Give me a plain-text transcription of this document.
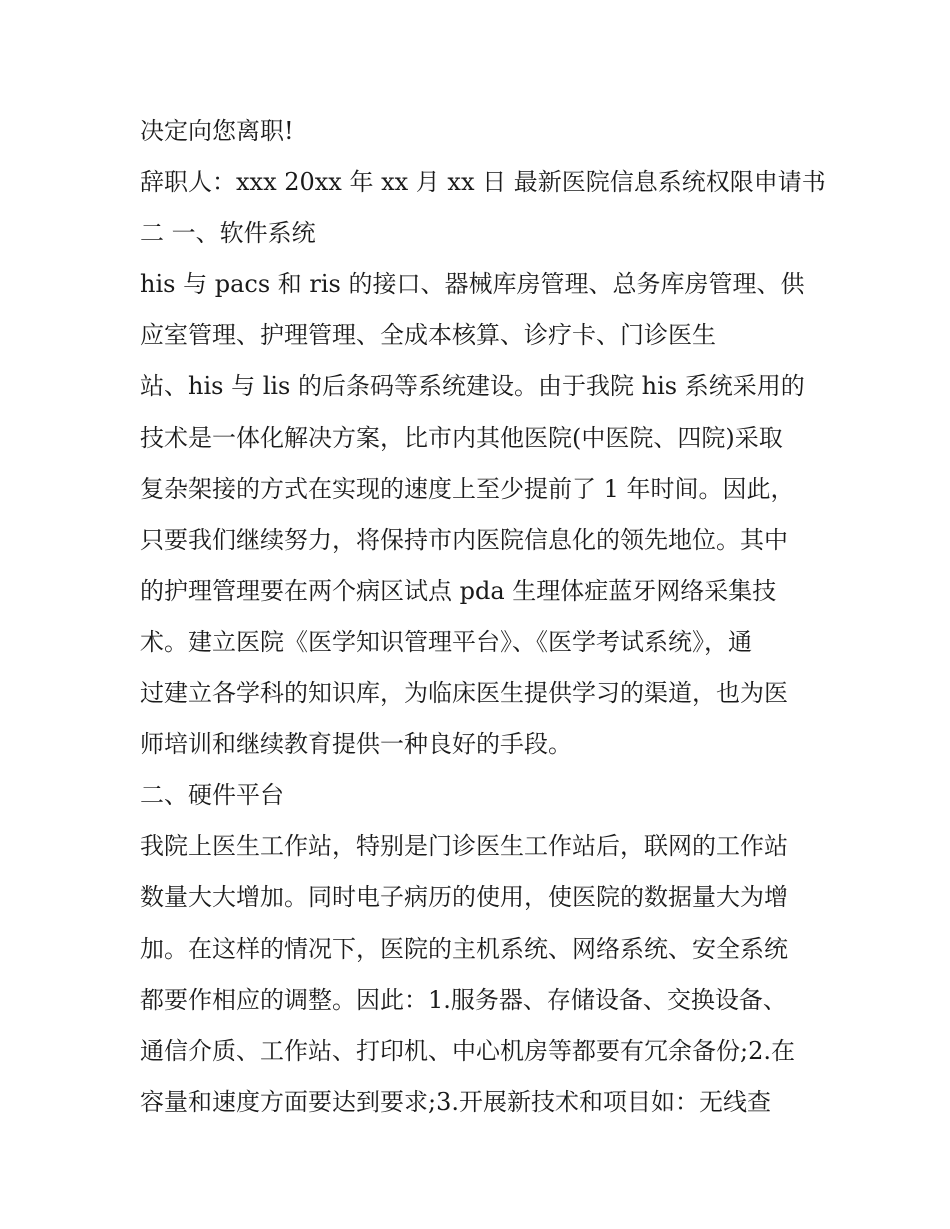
决定向您离职!
辞职人：xxx 20xx 年 xx 月 xx 日 最新医院信息系统权限申请书
二 一、软件系统
his 与 pacs 和 ris 的接口、器械库房管理、总务库房管理、供
应室管理、护理管理、全成本核算、诊疗卡、门诊医生
站、his 与 lis 的后条码等系统建设。由于我院 his 系统采用的
技术是一体化解决方案，比市内其他医院(中医院、四院)采取
复杂架接的方式在实现的速度上至少提前了 1 年时间。因此，
只要我们继续努力，将保持市内医院信息化的领先地位。其中
的护理管理要在两个病区试点 pda 生理体症蓝牙网络采集技
术。建立医院《医学知识管理平台》、《医学考试系统》，通
过建立各学科的知识库，为临床医生提供学习的渠道，也为医
师培训和继续教育提供一种良好的手段。
二、硬件平台
我院上医生工作站，特别是门诊医生工作站后，联网的工作站
数量大大增加。同时电子病历的使用，使医院的数据量大为增
加。在这样的情况下，医院的主机系统、网络系统、安全系统
都要作相应的调整。因此：1.服务器、存储设备、交换设备、
通信介质、工作站、打印机、中心机房等都要有冗余备份;2.在
容量和速度方面要达到要求;3.开展新技术和项目如：无线查
